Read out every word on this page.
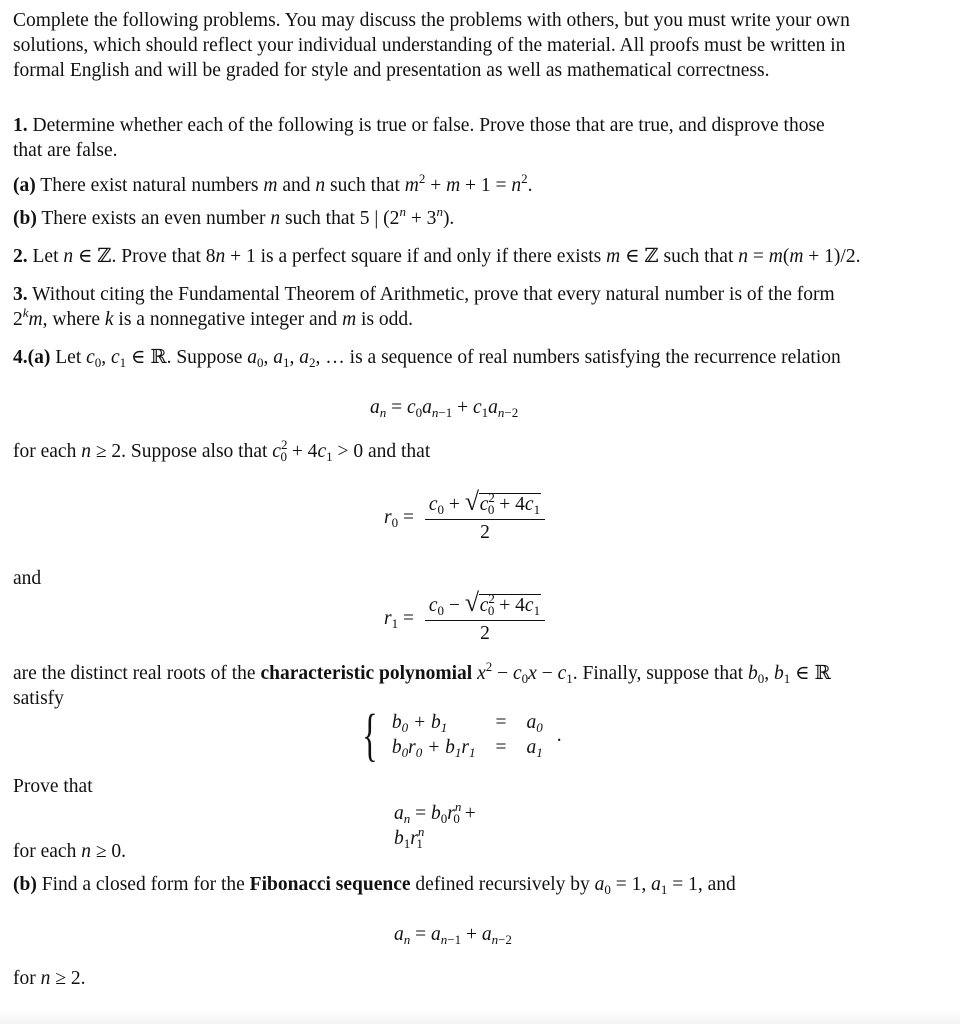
Complete the following problems. You may discuss the problems with others, but you must write your own
solutions, which should reflect your individual understanding of the material. All proofs must be written in
formal English and will be graded for style and presentation as well as mathematical correctness.

1. Determine whether each of the following is true or false. Prove those that are true, and disprove those
that are false.

(a) There exist natural numbers m and n such that $m^2 + m + 1 = n^2$.

(b) There exists an even number n such that 5 | $(2^n + 3^n)$.

2. Let n ∈ ℤ. Prove that 8n + 1 is a perfect square if and only if there exists m ∈ ℤ such that n = m(m + 1)/2.

3. Without citing the Fundamental Theorem of Arithmetic, prove that every natural number is of the form
2$^k$m, where k is a nonnegative integer and m is odd.

4.(a) Let $c_0$, $c_1$ ∈ ℝ. Suppose $a_0$, $a_1$, $a_2$, … is a sequence of real numbers satisfying the recurrence relation

$a_n = c_0a_{n-1} + c_1a_{n-2}$

for each n ≥ 2. Suppose also that $c^2_0 + 4c_1 > 0$ and that

$r_0 = \frac{c_0 + √ c^2_0 + 4c_1}{2}$

and

$r_1 = \frac{c_0 - √ c^2_0 + 4c_1}{2}$

are the distinct real roots of the characteristic polynomial $x^2 - c_0x - c_1$. Finally, suppose that $b_0$, $b_1$ ∈ ℝ
satisfy

{ $b_0 + b_1$	=	$a_0$
$b_0r_0 + b_1r_1$	=	$a_1$
.

Prove that

$a_n = b_0r^n_0 + b_1r^n_1$

for each n ≥ 0.

(b) Find a closed form for the Fibonacci sequence defined recursively by $a_0 = 1$, $a_1 = 1$, and

$a_n = a_{n-1} + a_{n-2}$

for n ≥ 2.
